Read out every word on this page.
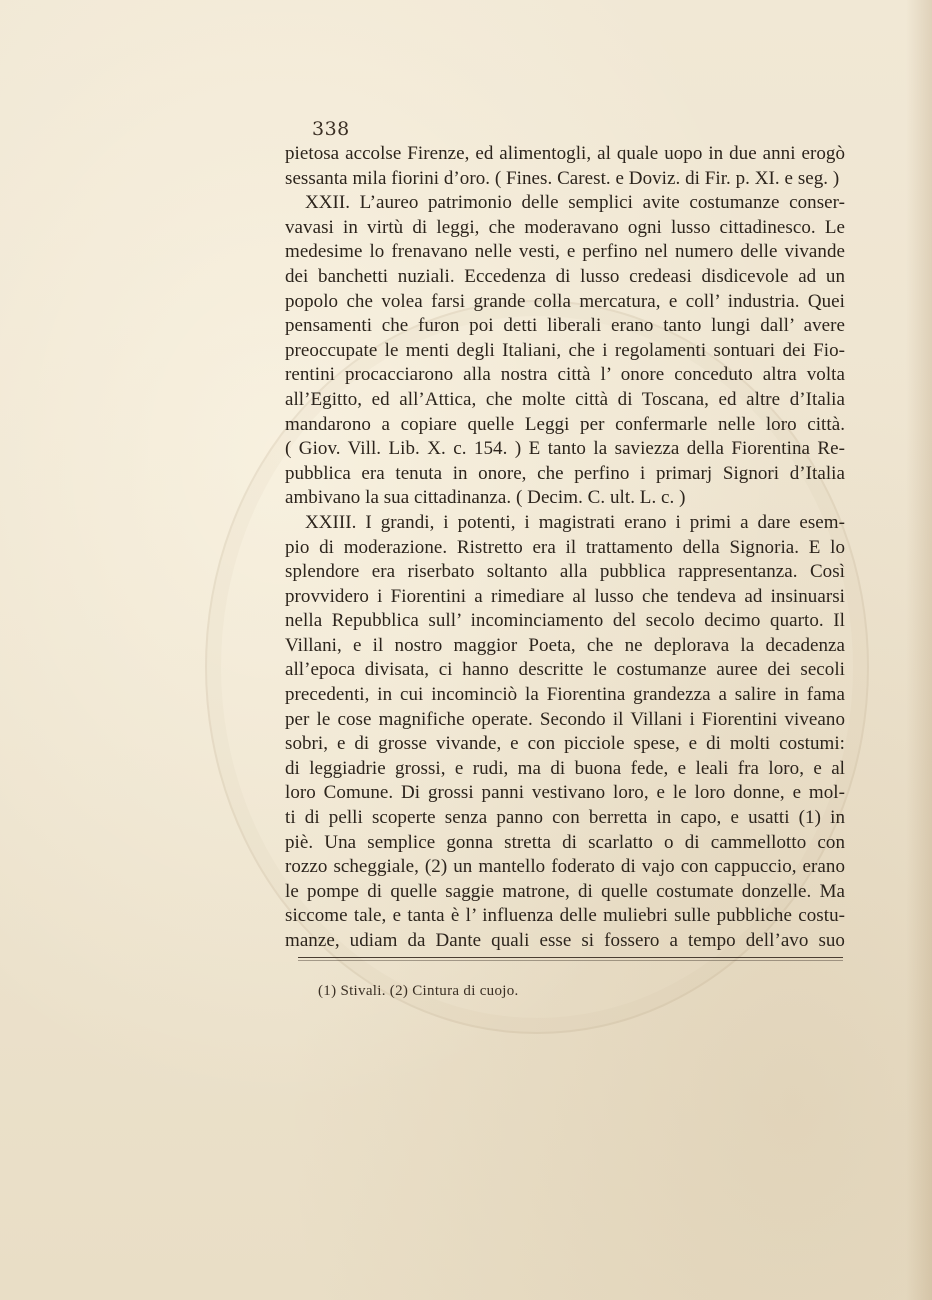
338
pietosa accolse Firenze, ed alimentogli, al quale uopo in due anni erogò
sessanta mila fiorini d’oro. ( Fines. Carest. e Doviz. di Fir. p. XI. e seg. )
XXII. L’aureo patrimonio delle semplici avite costumanze conser-
vavasi in virtù di leggi, che moderavano ogni lusso cittadinesco. Le
medesime lo frenavano nelle vesti, e perfino nel numero delle vivande
dei banchetti nuziali. Eccedenza di lusso credeasi disdicevole ad un
popolo che volea farsi grande colla mercatura, e coll’ industria. Quei
pensamenti che furon poi detti liberali erano tanto lungi dall’ avere
preoccupate le menti degli Italiani, che i regolamenti sontuari dei Fio-
rentini procacciarono alla nostra città l’ onore conceduto altra volta
all’Egitto, ed all’Attica, che molte città di Toscana, ed altre d’Italia
mandarono a copiare quelle Leggi per confermarle nelle loro città.
( Giov. Vill. Lib. X. c. 154. ) E tanto la saviezza della Fiorentina Re-
pubblica era tenuta in onore, che perfino i primarj Signori d’Italia
ambivano la sua cittadinanza. ( Decim. C. ult. L. c. )
XXIII. I grandi, i potenti, i magistrati erano i primi a dare esem-
pio di moderazione. Ristretto era il trattamento della Signoria. E lo
splendore era riserbato soltanto alla pubblica rappresentanza. Così
provvidero i Fiorentini a rimediare al lusso che tendeva ad insinuarsi
nella Repubblica sull’ incominciamento del secolo decimo quarto. Il
Villani, e il nostro maggior Poeta, che ne deplorava la decadenza
all’epoca divisata, ci hanno descritte le costumanze auree dei secoli
precedenti, in cui incominciò la Fiorentina grandezza a salire in fama
per le cose magnifiche operate. Secondo il Villani i Fiorentini viveano
sobri, e di grosse vivande, e con picciole spese, e di molti costumi:
di leggiadrie grossi, e rudi, ma di buona fede, e leali fra loro, e al
loro Comune. Di grossi panni vestivano loro, e le loro donne, e mol-
ti di pelli scoperte senza panno con berretta in capo, e usatti (1) in
piè. Una semplice gonna stretta di scarlatto o di cammellotto con
rozzo scheggiale, (2) un mantello foderato di vajo con cappuccio, erano
le pompe di quelle saggie matrone, di quelle costumate donzelle. Ma
siccome tale, e tanta è l’ influenza delle muliebri sulle pubbliche costu-
manze, udiam da Dante quali esse si fossero a tempo dell’avo suo
(1) Stivali. (2) Cintura di cuojo.
